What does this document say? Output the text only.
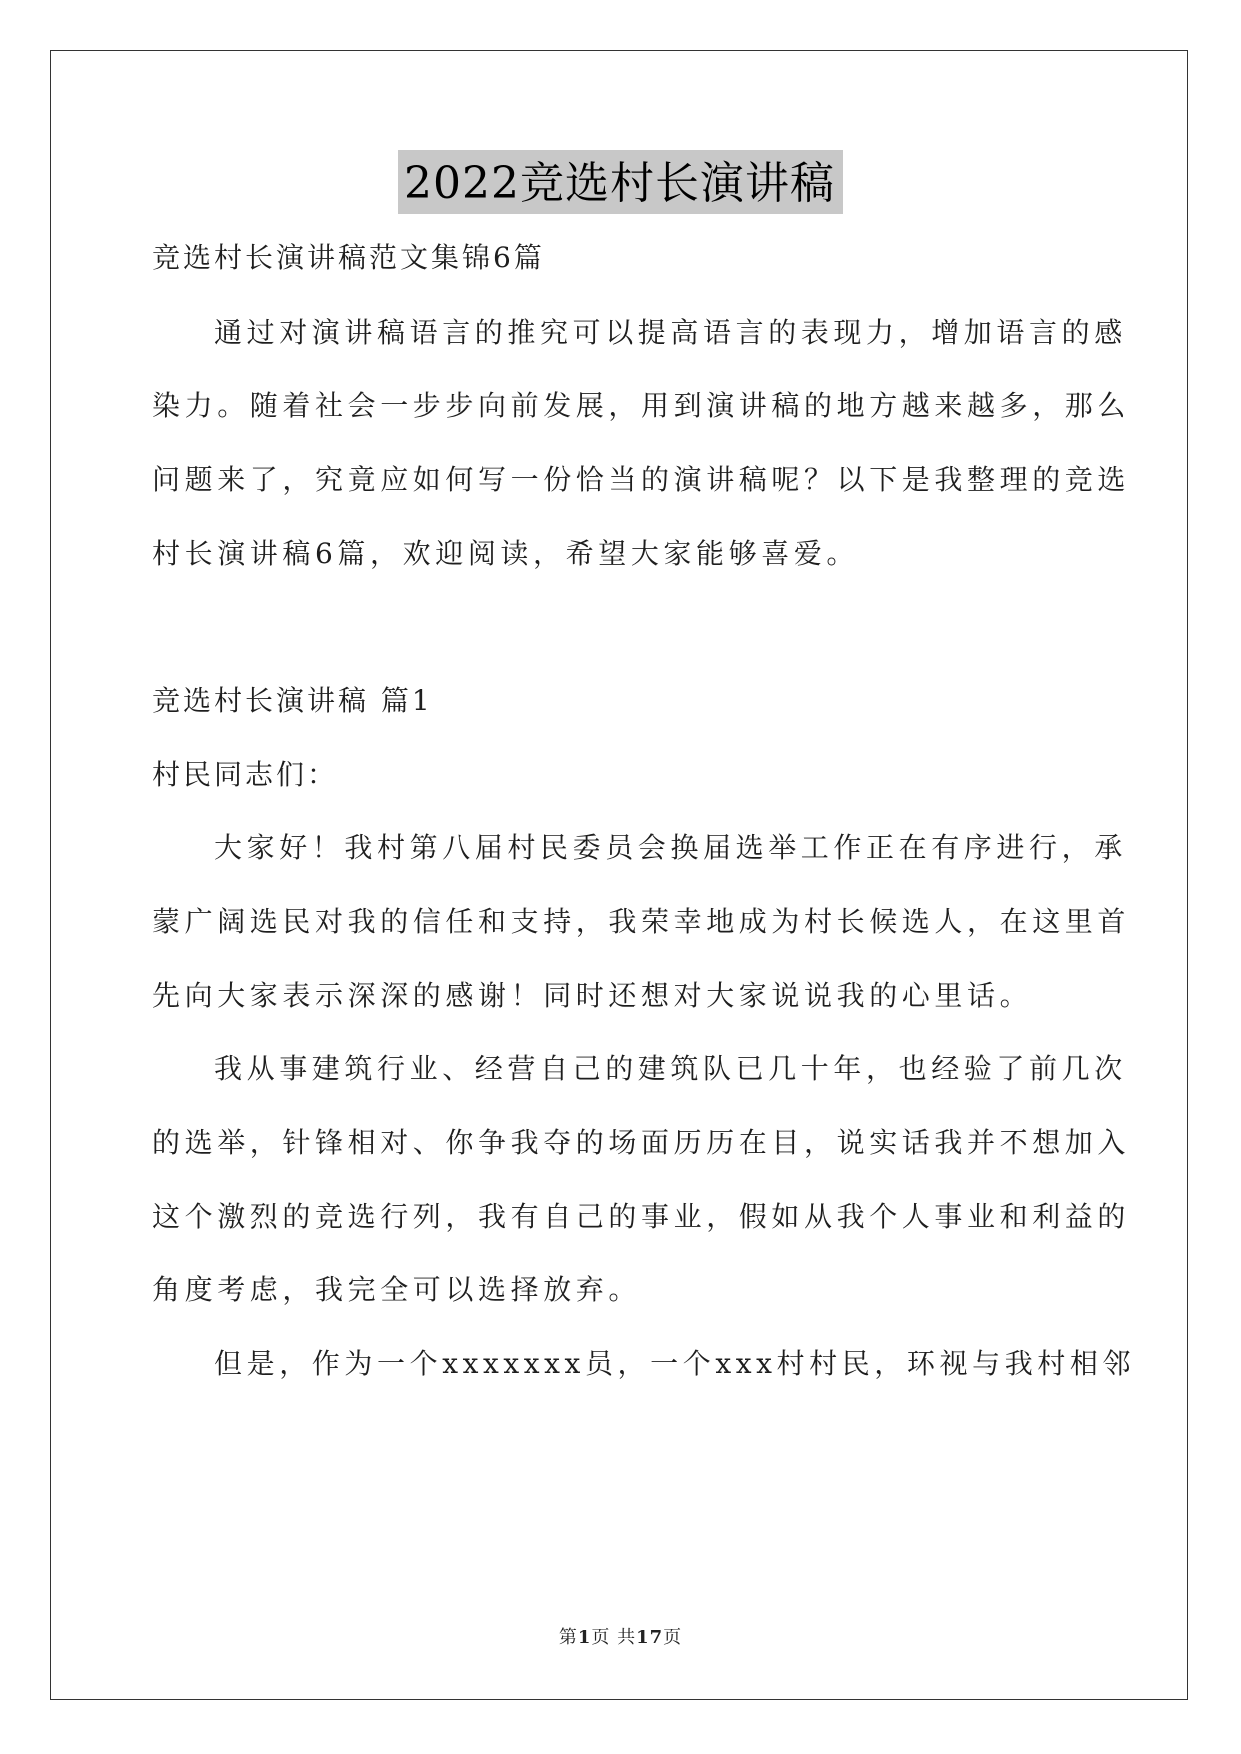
2022竞选村长演讲稿
竞选村长演讲稿范文集锦6篇
通过对演讲稿语言的推究可以提高语言的表现力，增加语言的感
染力。随着社会一步步向前发展，用到演讲稿的地方越来越多，那么
问题来了，究竟应如何写一份恰当的演讲稿呢？以下是我整理的竞选
村长演讲稿6篇，欢迎阅读，希望大家能够喜爱。
竞选村长演讲稿 篇1
村民同志们：
大家好！我村第八届村民委员会换届选举工作正在有序进行，承
蒙广阔选民对我的信任和支持，我荣幸地成为村长候选人，在这里首
先向大家表示深深的感谢！同时还想对大家说说我的心里话。
我从事建筑行业、经营自己的建筑队已几十年，也经验了前几次
的选举，针锋相对、你争我夺的场面历历在目，说实话我并不想加入
这个激烈的竞选行列，我有自己的事业，假如从我个人事业和利益的
角度考虑，我完全可以选择放弃。
但是，作为一个xxxxxxx员，一个xxx村村民，环视与我村相邻
第1页 共17页
